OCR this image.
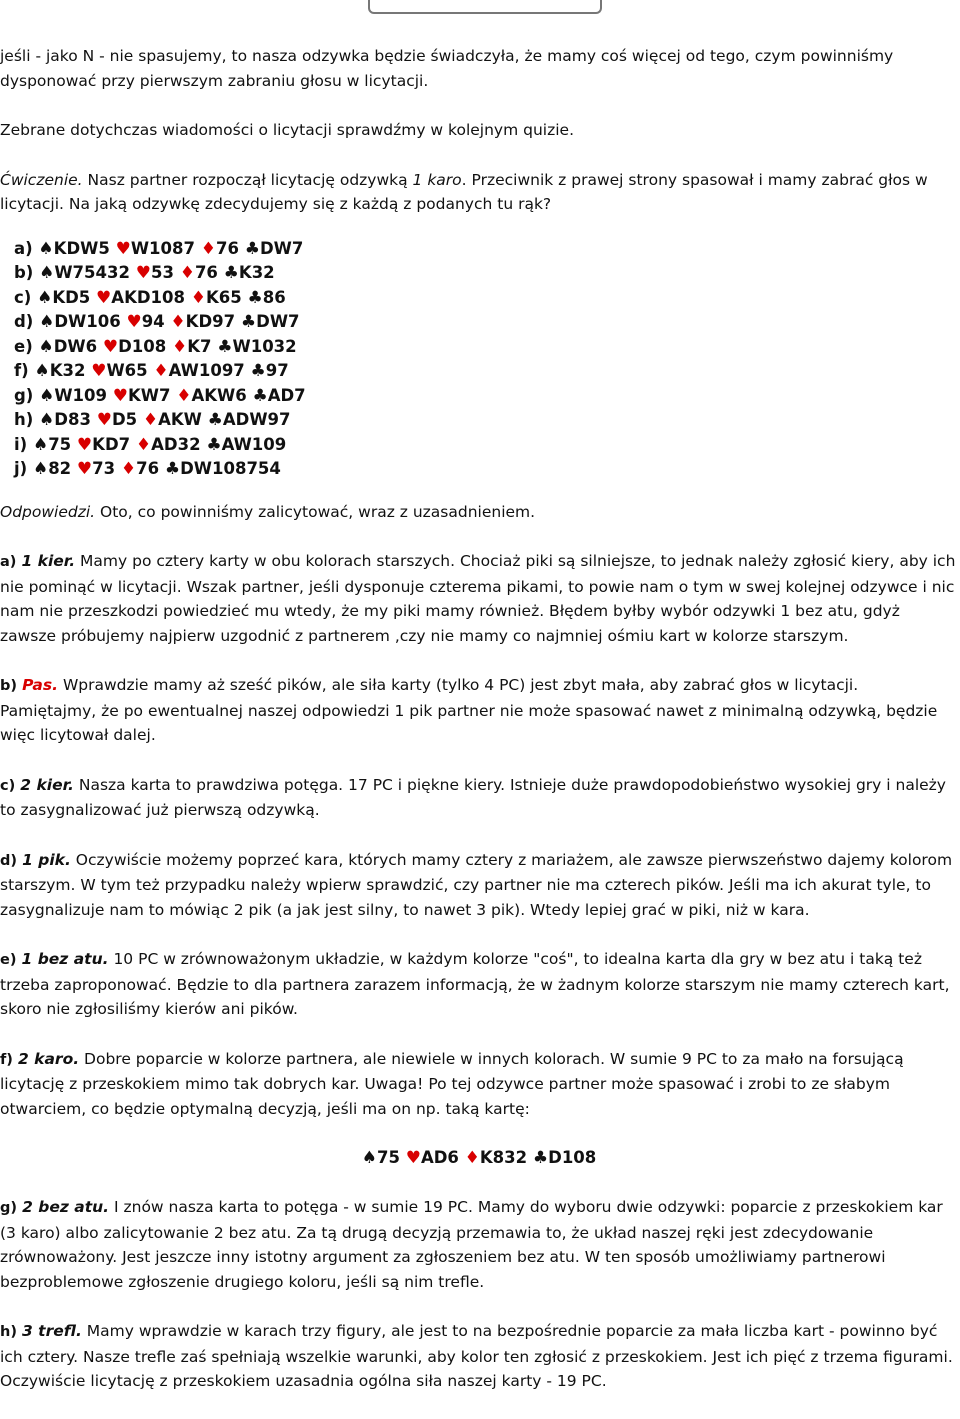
jeśli - jako N - nie spasujemy, to nasza odzywka będzie świadczyła, że mamy coś więcej od tego, czym powinniśmy dysponować przy pierwszym zabraniu głosu w licytacji.

Zebrane dotychczas wiadomości o licytacji sprawdźmy w kolejnym quizie.

Ćwiczenie. Nasz partner rozpoczął licytację odzywką 1 karo. Przeciwnik z prawej strony spasował i mamy zabrać głos w licytacji. Na jaką odzywkę zdecydujemy się z każdą z podanych tu rąk?

a) ♠KDW5 ♥W1087 ♦76 ♣DW7
b) ♠W75432 ♥53 ♦76 ♣K32
c) ♠KD5 ♥AKD108 ♦K65 ♣86
d) ♠DW106 ♥94 ♦KD97 ♣DW7
e) ♠DW6 ♥D108 ♦K7 ♣W1032
f) ♠K32 ♥W65 ♦AW1097 ♣97
g) ♠W109 ♥KW7 ♦AKW6 ♣AD7
h) ♠D83 ♥D5 ♦AKW ♣ADW97
i) ♠75 ♥KD7 ♦AD32 ♣AW109
j) ♠82 ♥73 ♦76 ♣DW108754

Odpowiedzi. Oto, co powinniśmy zalicytować, wraz z uzasadnieniem.

a) 1 kier. Mamy po cztery karty w obu kolorach starszych. Chociaż piki są silniejsze, to jednak należy zgłosić kiery, aby ich nie pominąć w licytacji. Wszak partner, jeśli dysponuje czterema pikami, to powie nam o tym w swej kolejnej odzywce i nic nam nie przeszkodzi powiedzieć mu wtedy, że my piki mamy również. Błędem byłby wybór odzywki 1 bez atu, gdyż zawsze próbujemy najpierw uzgodnić z partnerem ,czy nie mamy co najmniej ośmiu kart w kolorze starszym.

b) Pas. Wprawdzie mamy aż sześć pików, ale siła karty (tylko 4 PC) jest zbyt mała, aby zabrać głos w licytacji. Pamiętajmy, że po ewentualnej naszej odpowiedzi 1 pik partner nie może spasować nawet z minimalną odzywką, będzie więc licytował dalej.

c) 2 kier. Nasza karta to prawdziwa potęga. 17 PC i piękne kiery. Istnieje duże prawdopodobieństwo wysokiej gry i należy to zasygnalizować już pierwszą odzywką.

d) 1 pik. Oczywiście możemy poprzeć kara, których mamy cztery z mariażem, ale zawsze pierwszeństwo dajemy kolorom starszym. W tym też przypadku należy wpierw sprawdzić, czy partner nie ma czterech pików. Jeśli ma ich akurat tyle, to zasygnalizuje nam to mówiąc 2 pik (a jak jest silny, to nawet 3 pik). Wtedy lepiej grać w piki, niż w kara.

e) 1 bez atu. 10 PC w zrównoważonym układzie, w każdym kolorze "coś", to idealna karta dla gry w bez atu i taką też trzeba zaproponować. Będzie to dla partnera zarazem informacją, że w żadnym kolorze starszym nie mamy czterech kart, skoro nie zgłosiliśmy kierów ani pików.

f) 2 karo. Dobre poparcie w kolorze partnera, ale niewiele w innych kolorach. W sumie 9 PC to za mało na forsującą licytację z przeskokiem mimo tak dobrych kar. Uwaga! Po tej odzywce partner może spasować i zrobi to ze słabym otwarciem, co będzie optymalną decyzją, jeśli ma on np. taką kartę:

♠75 ♥AD6 ♦K832 ♣D108

g) 2 bez atu. I znów nasza karta to potęga - w sumie 19 PC. Mamy do wyboru dwie odzywki: poparcie z przeskokiem kar (3 karo) albo zalicytowanie 2 bez atu. Za tą drugą decyzją przemawia to, że układ naszej ręki jest zdecydowanie zrównoważony. Jest jeszcze inny istotny argument za zgłoszeniem bez atu. W ten sposób umożliwiamy partnerowi bezproblemowe zgłoszenie drugiego koloru, jeśli są nim trefle.

h) 3 trefl. Mamy wprawdzie w karach trzy figury, ale jest to na bezpośrednie poparcie za mała liczba kart - powinno być ich cztery. Nasze trefle zaś spełniają wszelkie warunki, aby kolor ten zgłosić z przeskokiem. Jest ich pięć z trzema figurami. Oczywiście licytację z przeskokiem uzasadnia ogólna siła naszej karty - 19 PC.
